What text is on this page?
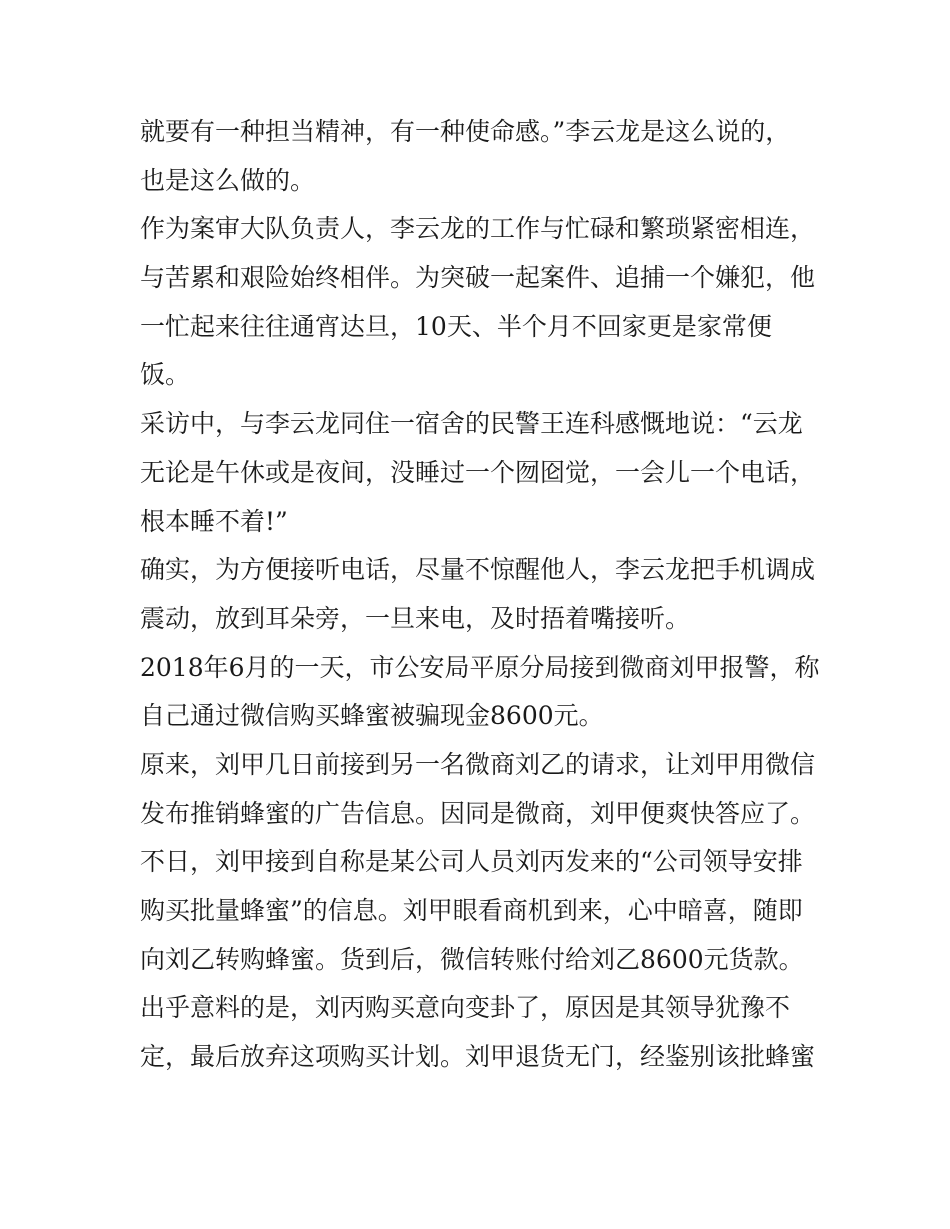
就要有一种担当精神，有一种使命感。”李云龙是这么说的，
也是这么做的。
作为案审大队负责人，李云龙的工作与忙碌和繁琐紧密相连，
与苦累和艰险始终相伴。为突破一起案件、追捕一个嫌犯，他
一忙起来往往通宵达旦，10天、半个月不回家更是家常便
饭。
采访中，与李云龙同住一宿舍的民警王连科感慨地说：“云龙
无论是午休或是夜间，没睡过一个囫囵觉，一会儿一个电话，
根本睡不着!”
确实，为方便接听电话，尽量不惊醒他人，李云龙把手机调成
震动，放到耳朵旁，一旦来电，及时捂着嘴接听。
2018年6月的一天，市公安局平原分局接到微商刘甲报警，称
自己通过微信购买蜂蜜被骗现金8600元。
原来，刘甲几日前接到另一名微商刘乙的请求，让刘甲用微信
发布推销蜂蜜的广告信息。因同是微商，刘甲便爽快答应了。
不日，刘甲接到自称是某公司人员刘丙发来的“公司领导安排
购买批量蜂蜜”的信息。刘甲眼看商机到来，心中暗喜，随即
向刘乙转购蜂蜜。货到后，微信转账付给刘乙8600元货款。
出乎意料的是，刘丙购买意向变卦了，原因是其领导犹豫不
定，最后放弃这项购买计划。刘甲退货无门，经鉴别该批蜂蜜
